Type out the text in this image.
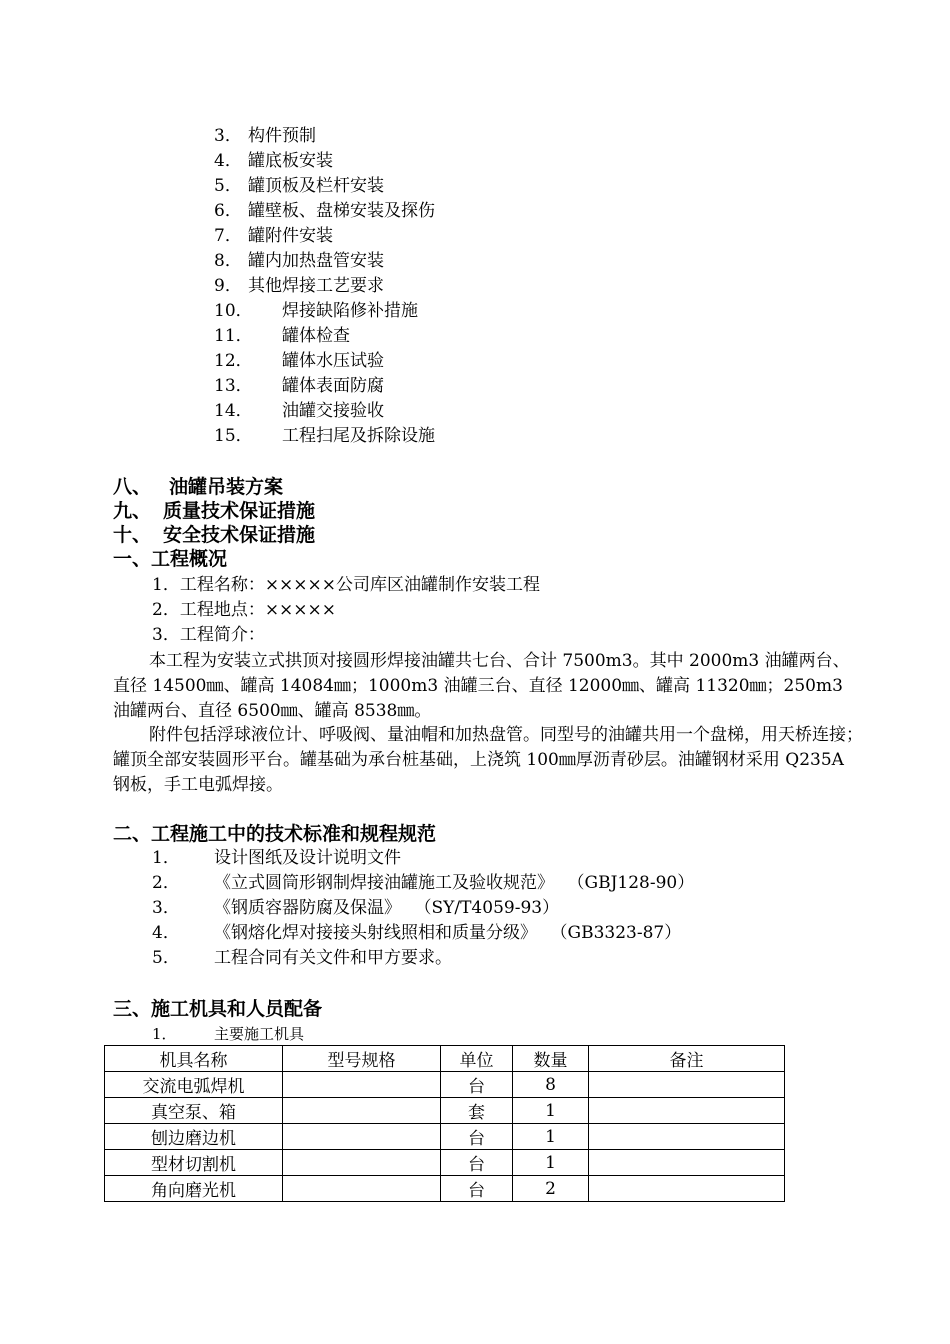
3． 构件预制
4． 罐底板安装
5． 罐顶板及栏杆安装
6． 罐壁板、盘梯安装及探伤
7． 罐附件安装
8． 罐内加热盘管安装
9． 其他焊接工艺要求
10． 焊接缺陷修补措施
11． 罐体检查
12． 罐体水压试验
13． 罐体表面防腐
14． 油罐交接验收
15． 工程扫尾及拆除设施
八、 油罐吊装方案
九、 质量技术保证措施
十、 安全技术保证措施
一、工程概况
1．工程名称：×××××公司库区油罐制作安装工程
2．工程地点：×××××
3．工程简介：
本工程为安装立式拱顶对接圆形焊接油罐共七台、合计 7500m3。其中 2000m3 油罐两台、直径 14500㎜、罐高 14084㎜；1000m3 油罐三台、直径 12000㎜、罐高 11320㎜；250m3 油罐两台、直径 6500㎜、罐高 8538㎜。
附件包括浮球液位计、呼吸阀、量油帽和加热盘管。同型号的油罐共用一个盘梯，用天桥连接；罐顶全部安装圆形平台。罐基础为承台桩基础，上浇筑 100㎜厚沥青砂层。油罐钢材采用 Q235A 钢板，手工电弧焊接。
二、工程施工中的技术标准和规程规范
1． 设计图纸及设计说明文件
2． 《立式圆筒形钢制焊接油罐施工及验收规范》 （GBJ128-90）
3． 《钢质容器防腐及保温》 （SY/T4059-93）
4． 《钢熔化焊对接接头射线照相和质量分级》 （GB3323-87）
5． 工程合同有关文件和甲方要求。
三、施工机具和人员配备
1． 主要施工机具
机具名称	型号规格	单位	数量	备注
交流电弧焊机		台	8	
真空泵、箱		套	1	
刨边磨边机		台	1	
型材切割机		台	1	
角向磨光机		台	2	
